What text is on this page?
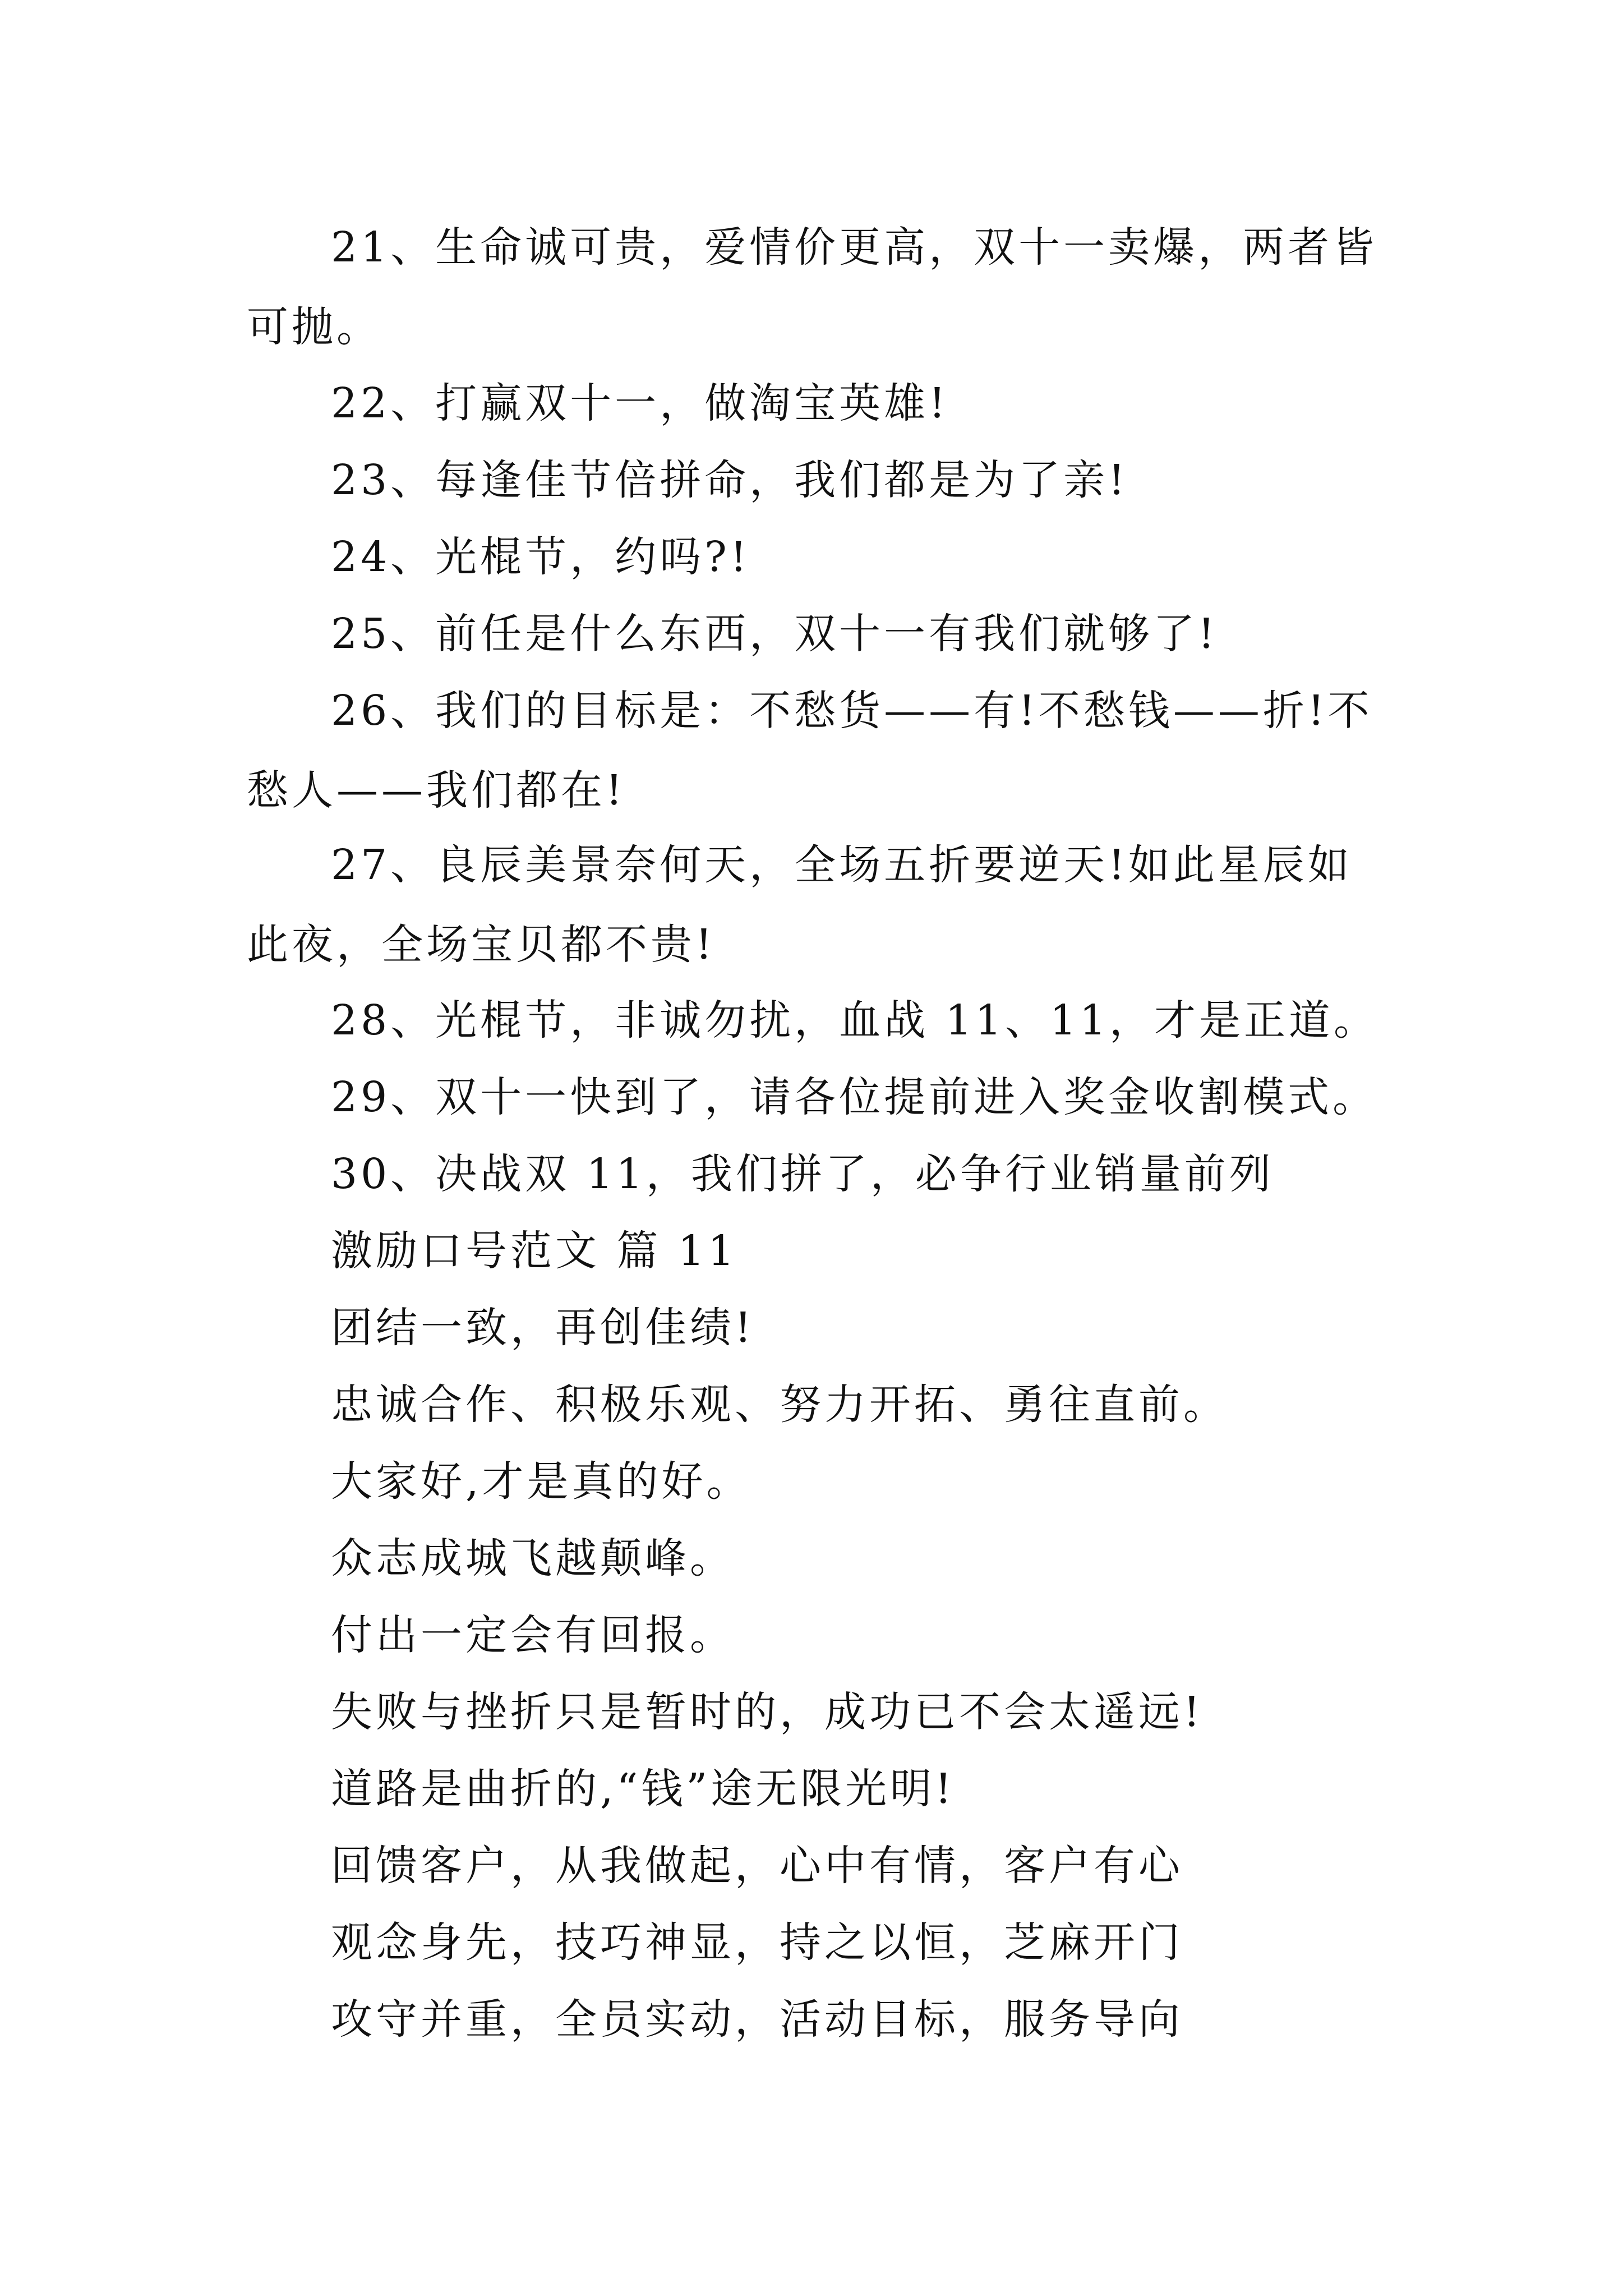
21、生命诚可贵，爱情价更高，双十一卖爆，两者皆可抛。

22、打赢双十一，做淘宝英雄!

23、每逢佳节倍拼命，我们都是为了亲!

24、光棍节，约吗?!

25、前任是什么东西，双十一有我们就够了!

26、我们的目标是：不愁货——有!不愁钱——折!不愁人——我们都在!

27、良辰美景奈何天，全场五折要逆天!如此星辰如此夜，全场宝贝都不贵!

28、光棍节，非诚勿扰，血战 11、11，才是正道。

29、双十一快到了，请各位提前进入奖金收割模式。

30、决战双 11，我们拼了，必争行业销量前列

激励口号范文 篇 11

团结一致，再创佳绩!

忠诚合作、积极乐观、努力开拓、勇往直前。

大家好,才是真的好。

众志成城飞越颠峰。

付出一定会有回报。

失败与挫折只是暂时的，成功已不会太遥远!

道路是曲折的,“钱”途无限光明!

回馈客户，从我做起，心中有情，客户有心

观念身先，技巧神显，持之以恒，芝麻开门

攻守并重，全员实动，活动目标，服务导向
